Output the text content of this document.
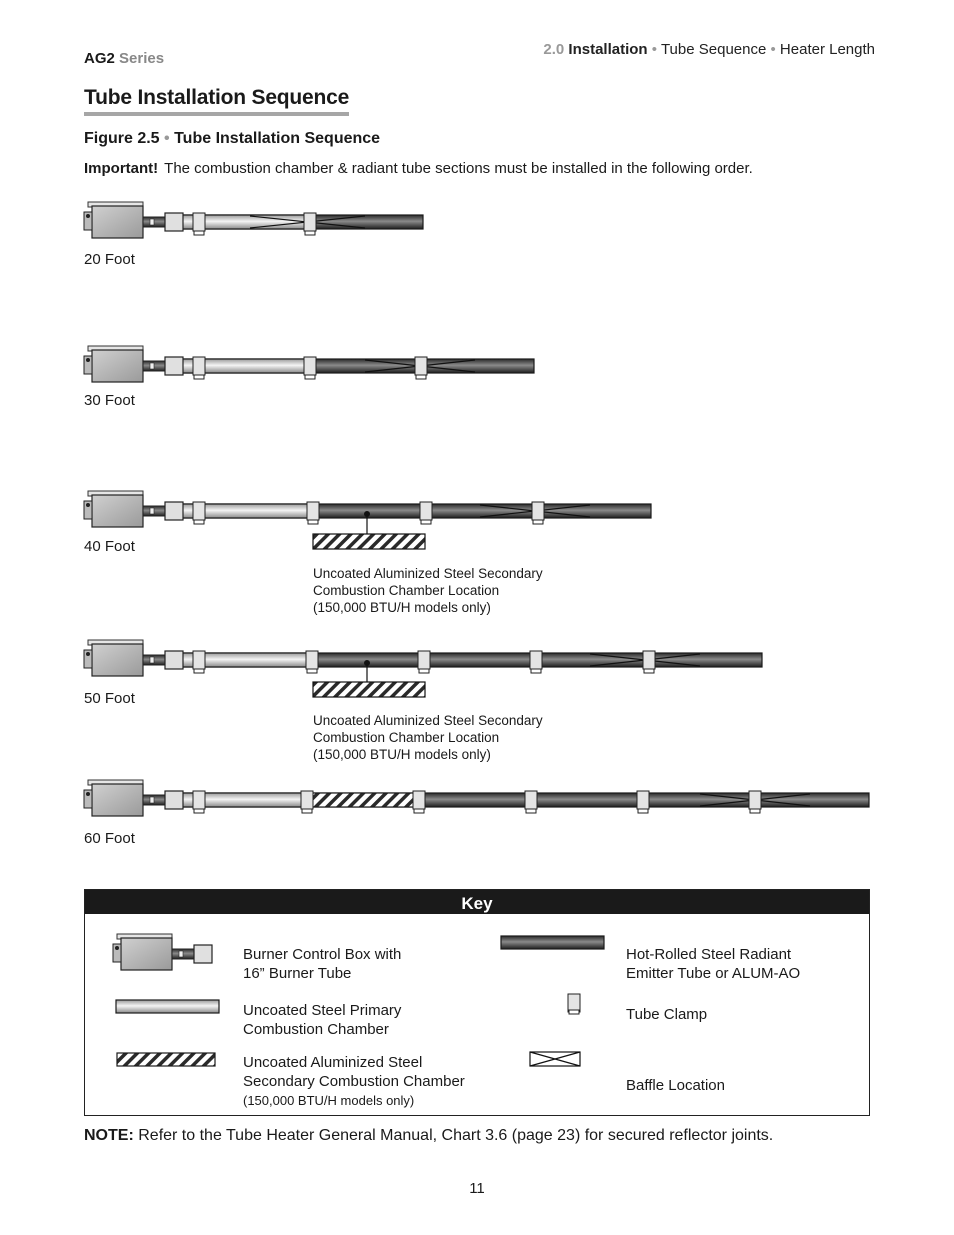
AG2 Series
2.0 Installation • Tube Sequence • Heater Length
Tube Installation Sequence
Figure 2.5 • Tube Installation Sequence
Important! The combustion chamber & radiant tube sections must be installed in the following order.
20 Foot
30 Foot
40 Foot
50 Foot
60 Foot
Uncoated Aluminized Steel Secondary
Combustion Chamber Location
(150,000 BTU/H models only)
Uncoated Aluminized Steel Secondary
Combustion Chamber Location
(150,000 BTU/H models only)
Key
Burner Control Box with
16” Burner Tube
Uncoated Steel Primary
Combustion Chamber
Uncoated Aluminized Steel
Secondary Combustion Chamber
(150,000 BTU/H models only)
Hot-Rolled Steel Radiant
Emitter Tube or ALUM-AO
Tube Clamp
Baffle Location
NOTE: Refer to the Tube Heater General Manual, Chart 3.6 (page 23) for secured reflector joints.
11
